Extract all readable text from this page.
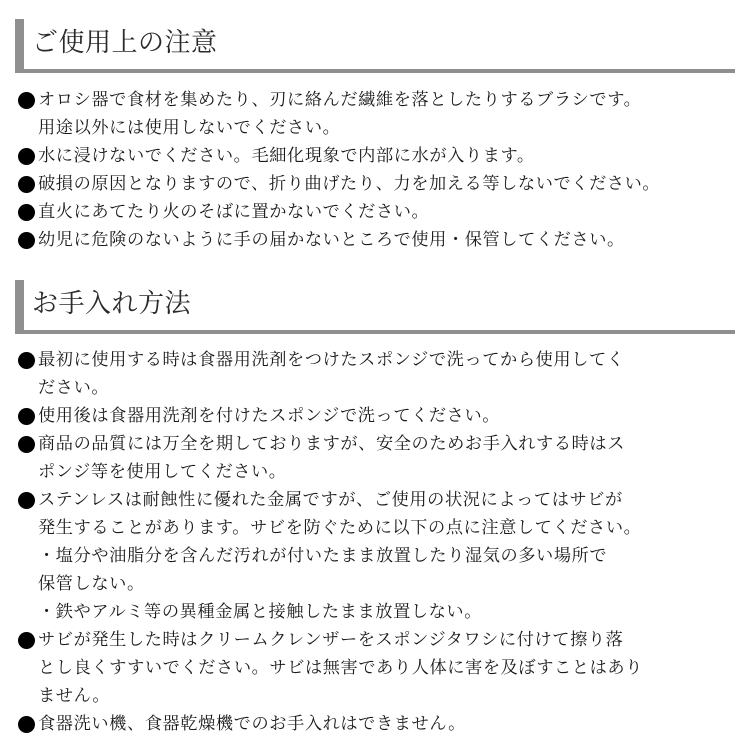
ご使用上の注意
オロシ器で食材を集めたり、刃に絡んだ繊維を落としたりするブラシです。
用途以外には使用しないでください。
水に浸けないでください。毛細化現象で内部に水が入ります。
破損の原因となりますので、折り曲げたり、力を加える等しないでください。
直火にあてたり火のそばに置かないでください。
幼児に危険のないように手の届かないところで使用・保管してください。
お手入れ方法
最初に使用する時は食器用洗剤をつけたスポンジで洗ってから使用してく
ださい。
使用後は食器用洗剤を付けたスポンジで洗ってください。
商品の品質には万全を期しておりますが、安全のためお手入れする時はス
ポンジ等を使用してください。
ステンレスは耐蝕性に優れた金属ですが、ご使用の状況によってはサビが
発生することがあります。サビを防ぐために以下の点に注意してください。
・塩分や油脂分を含んだ汚れが付いたまま放置したり湿気の多い場所で
保管しない。
・鉄やアルミ等の異種金属と接触したまま放置しない。
サビが発生した時はクリームクレンザーをスポンジタワシに付けて擦り落
とし良くすすいでください。サビは無害であり人体に害を及ぼすことはあり
ません。
食器洗い機、食器乾燥機でのお手入れはできません。
